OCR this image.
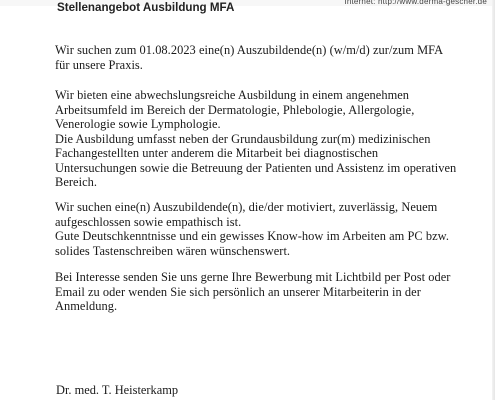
Internet: http://www.derma-gescher.de
Stellenangebot Ausbildung MFA
Wir suchen zum 01.08.2023 eine(n) Auszubildende(n) (w/m/d) zur/zum MFA
für unsere Praxis.
Wir bieten eine abwechslungsreiche Ausbildung in einem angenehmen
Arbeitsumfeld im Bereich der Dermatologie, Phlebologie, Allergologie,
Venerologie sowie Lymphologie.
Die Ausbildung umfasst neben der Grundausbildung zur(m) medizinischen
Fachangestellten unter anderem die Mitarbeit bei diagnostischen
Untersuchungen sowie die Betreuung der Patienten und Assistenz im operativen
Bereich.
Wir suchen eine(n) Auszubildende(n), die/der motiviert, zuverlässig, Neuem
aufgeschlossen sowie empathisch ist.
Gute Deutschkenntnisse und ein gewisses Know-how im Arbeiten am PC bzw.
solides Tastenschreiben wären wünschenswert.
Bei Interesse senden Sie uns gerne Ihre Bewerbung mit Lichtbild per Post oder
Email zu oder wenden Sie sich persönlich an unserer Mitarbeiterin in der
Anmeldung.
Dr. med. T. Heisterkamp
